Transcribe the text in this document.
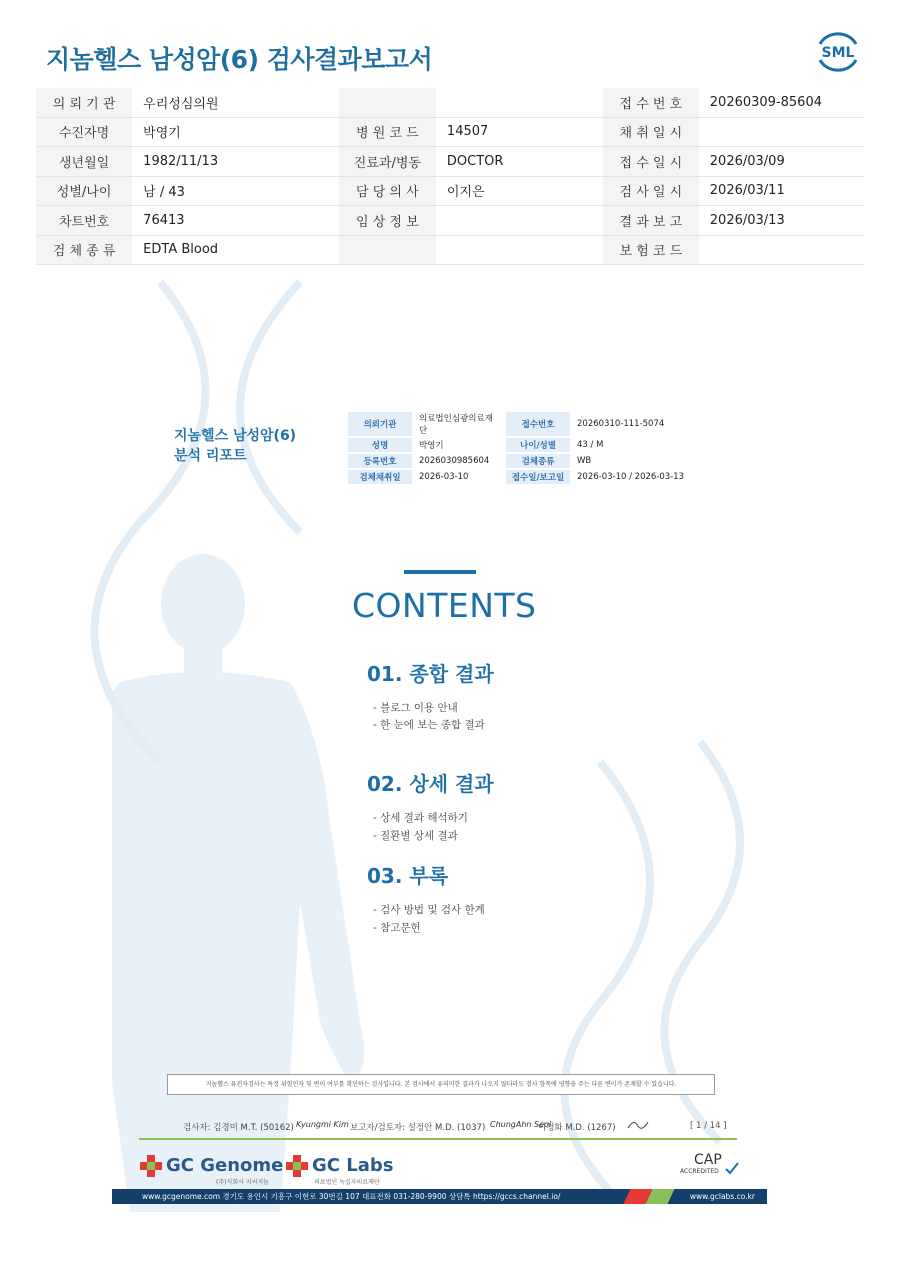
지놈헬스 남성암(6) 검사결과보고서	SML
의 뢰 기 관	우리성심의원			접 수 번 호	20260309-85604
수진자명	박영기	병 원 코 드	14507	채 취 일 시	
생년월일	1982/11/13	진료과/병동	DOCTOR	접 수 일 시	2026/03/09
성별/나이	남 / 43	담 당 의 사	이지은	검 사 일 시	2026/03/11
차트번호	76413	임 상 정 보		결 과 보 고	2026/03/13
검 체 종 류	EDTA Blood			보 험 코 드	
지놈헬스 남성암(6)
분석 리포트
의뢰기관	의료법인심광의료재단	접수번호	20260310-111-5074
성명	박영기	나이/성별	43 / M
등록번호	2026030985604	검체종류	WB
검체채취일	2026-03-10	접수일/보고일	2026-03-10 / 2026-03-13
CONTENTS
01. 종합 결과
- 블로그 이용 안내
- 한 눈에 보는 종합 결과
02. 상세 결과
- 상세 결과 해석하기
- 질환별 상세 결과
03. 부록
- 검사 방법 및 검사 한계
- 참고문헌
지놈헬스 유전자검사는 특정 위험인자 및 변이 여부를 확인하는 검사입니다. 본 검사에서 유의미한 결과가 나오지 않더라도 검사 항목에 영향을 주는 다른 변이가 존재할 수 있습니다.
검사자: 김경미 M.T. (50162) Kyungmi Kim 보고자/검토자: 설정안 M.D. (1037) ChungAhn Seol
이청화 M.D. (1267)	[ 1 / 14 ]
GC Genome
(주)식회사 지씨지놈
GC Labs
의료법인 녹십자의료재단
CAP
ACCREDITED
www.gcgenome.com 경기도 용인시 기흥구 이현로 30번길 107 대표전화 031-280-9900 상담톡 https://gccs.channel.io/	www.gclabs.co.kr
